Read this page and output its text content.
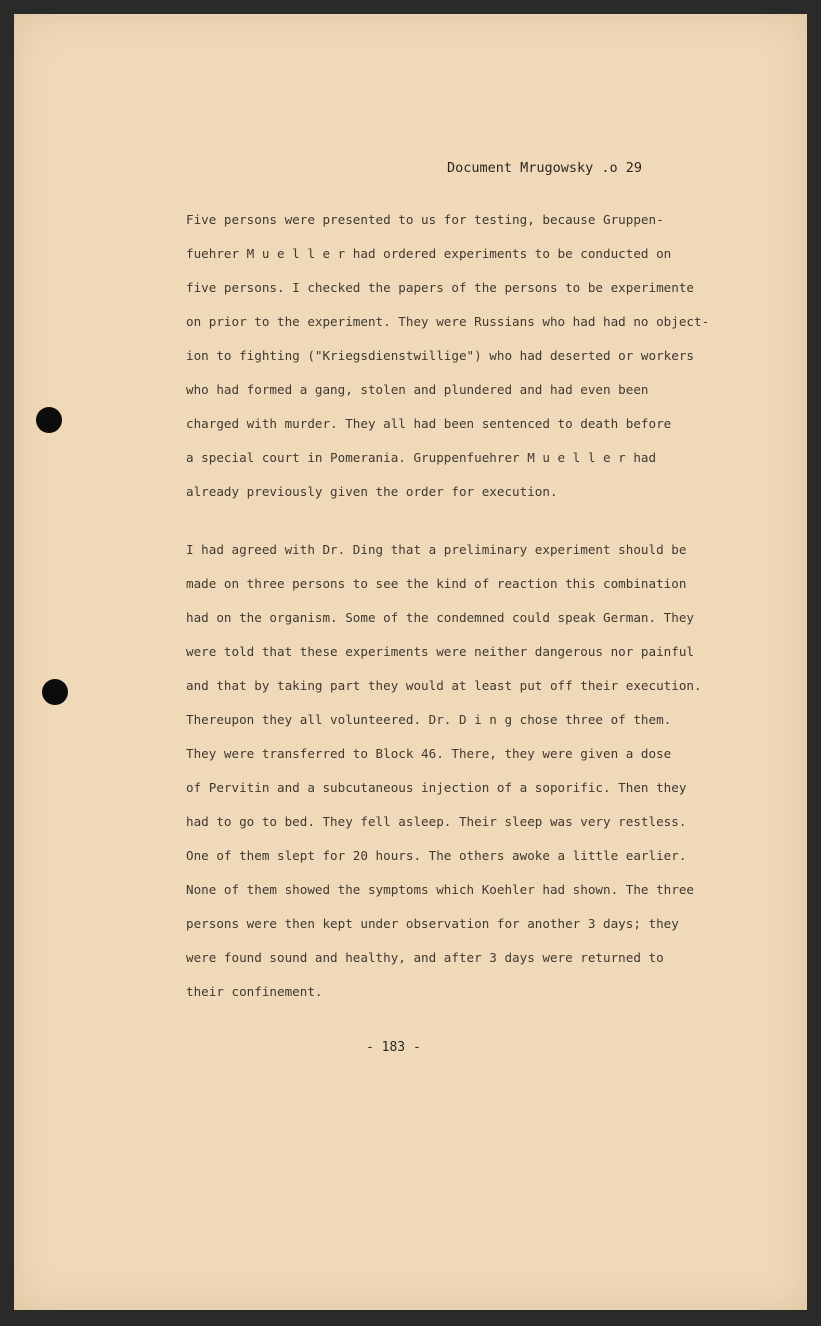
Document Mrugowsky .o 29
Five persons were presented to us for testing, because Gruppen-
fuehrer M u e l l e r had ordered experiments to be conducted on
five persons. I checked the papers of the persons to be experimente
on prior to the experiment. They were Russians who had had no object-
ion to fighting ("Kriegsdienstwillige") who had deserted or workers
who had formed a gang, stolen and plundered and had even been
charged with murder. They all had been sentenced to death before
a special court in Pomerania. Gruppenfuehrer M u e l l e r had
already previously given the order for execution.
I had agreed with Dr. Ding that a preliminary experiment should be
made on three persons to see the kind of reaction this combination
had on the organism. Some of the condemned could speak German. They
were told that these experiments were neither dangerous nor painful
and that by taking part they would at least put off their execution.
Thereupon they all volunteered. Dr. D i n g chose three of them.
They were transferred to Block 46. There, they were given a dose
of Pervitin and a subcutaneous injection of a soporific. Then they
had to go to bed. They fell asleep. Their sleep was very restless.
One of them slept for 20 hours. The others awoke a little earlier.
None of them showed the symptoms which Koehler had shown. The three
persons were then kept under observation for another 3 days; they
were found sound and healthy, and after 3 days were returned to
their confinement.
- 183 -
